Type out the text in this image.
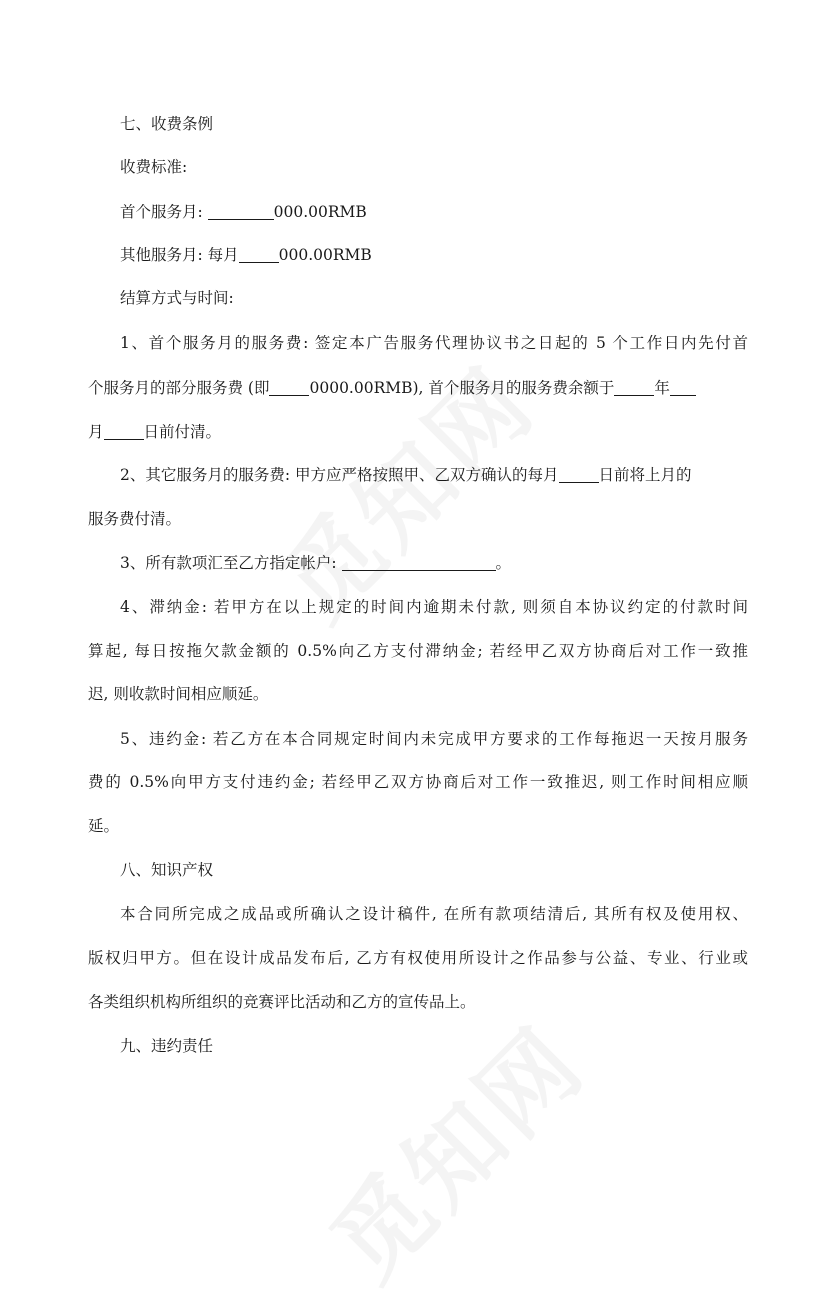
七、收费条例
收费标准:
首个服务月:	000.00RMB
其他服务月: 每月	000.00RMB
结算方式与时间:
1、首个服务月的服务费: 签定本广告服务代理协议书之日起的 5 个工作日内先付首
个服务月的部分服务费 (即	0000.00RMB), 首个服务月的服务费余额于	年
月	日前付清。
2、其它服务月的服务费: 甲方应严格按照甲、乙双方确认的每月	日前将上月的
服务费付清。
3、所有款项汇至乙方指定帐户:	。
4、滞纳金: 若甲方在以上规定的时间内逾期未付款, 则须自本协议约定的付款时间
算起, 每日按拖欠款金额的 0.5%向乙方支付滞纳金; 若经甲乙双方协商后对工作一致推
迟, 则收款时间相应顺延。
5、违约金: 若乙方在本合同规定时间内未完成甲方要求的工作每拖迟一天按月服务
费的 0.5%向甲方支付违约金; 若经甲乙双方协商后对工作一致推迟, 则工作时间相应顺
延。
八、知识产权
本合同所完成之成品或所确认之设计稿件, 在所有款项结清后, 其所有权及使用权、
版权归甲方。但在设计成品发布后, 乙方有权使用所设计之作品参与公益、专业、行业或
各类组织机构所组织的竞赛评比活动和乙方的宣传品上。
九、违约责任
